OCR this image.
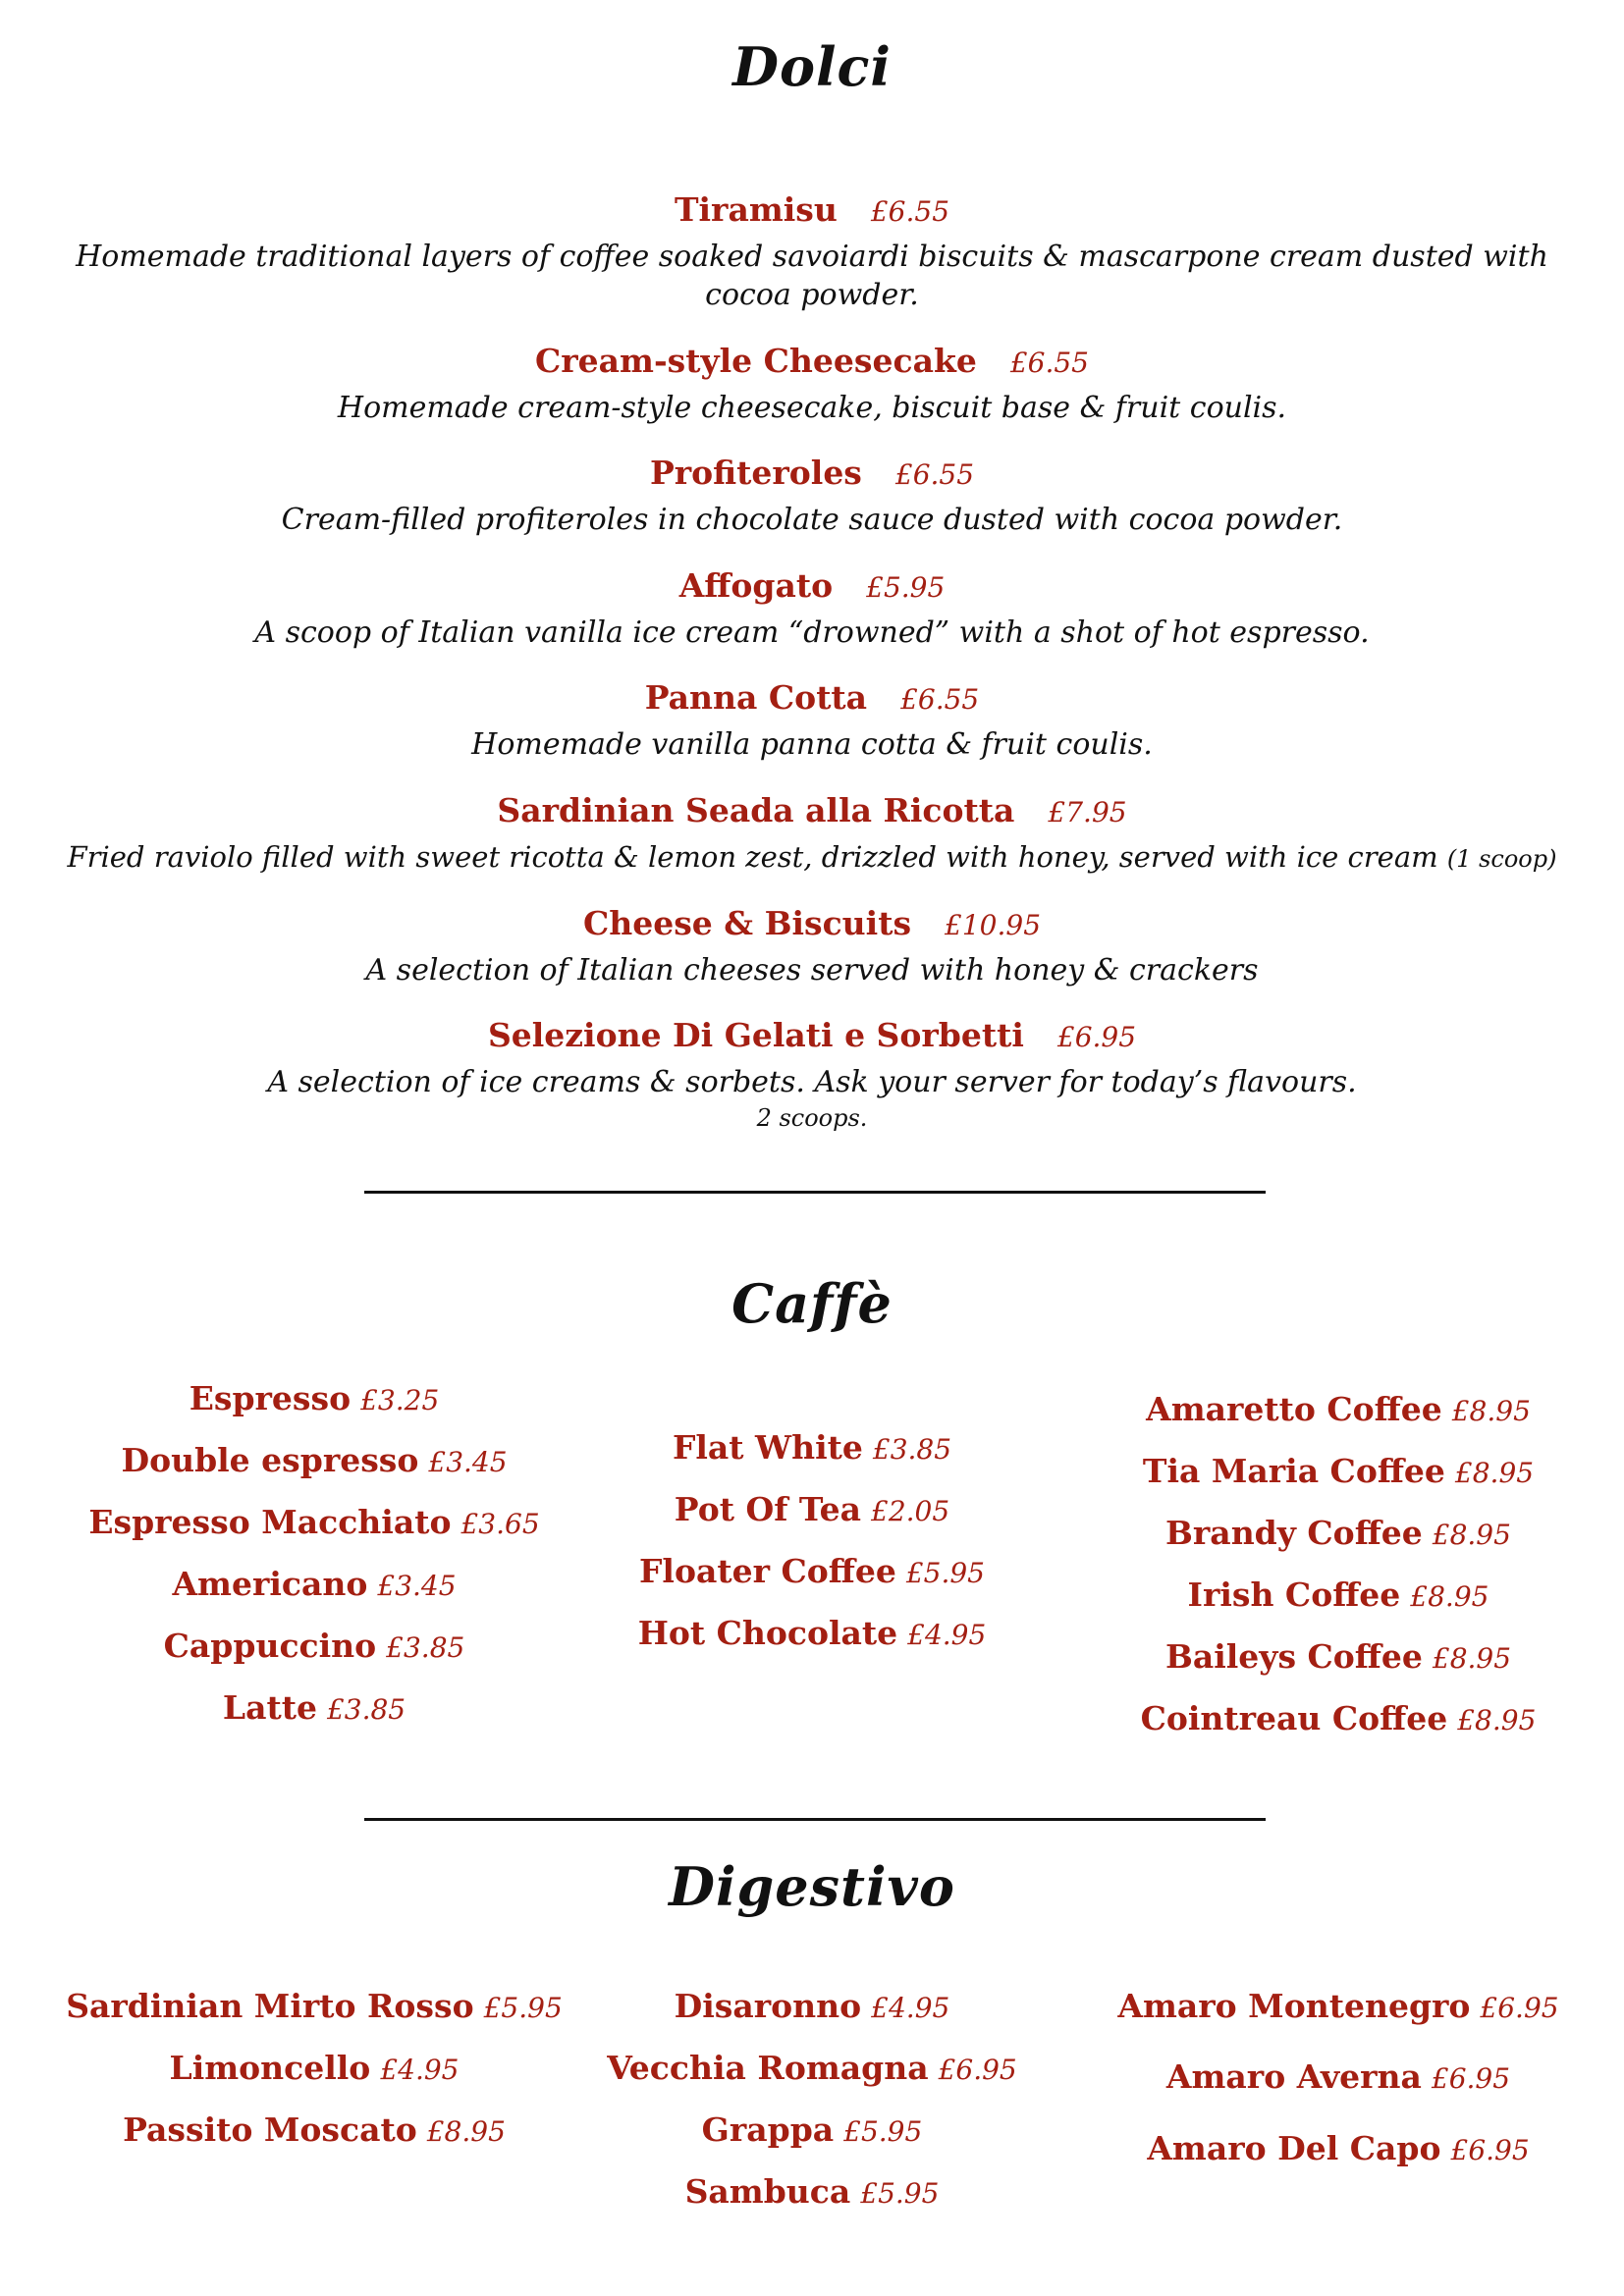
Dolci
Tiramisu £6.55
Homemade traditional layers of coffee soaked savoiardi biscuits & mascarpone cream dusted with
cocoa powder.
Cream-style Cheesecake £6.55
Homemade cream-style cheesecake, biscuit base & fruit coulis.
Profiteroles £6.55
Cream-filled profiteroles in chocolate sauce dusted with cocoa powder.
Affogato £5.95
A scoop of Italian vanilla ice cream “drowned” with a shot of hot espresso.
Panna Cotta £6.55
Homemade vanilla panna cotta & fruit coulis.
Sardinian Seada alla Ricotta £7.95
Fried raviolo filled with sweet ricotta & lemon zest, drizzled with honey, served with ice cream (1 scoop)
Cheese & Biscuits £10.95
A selection of Italian cheeses served with honey & crackers
Selezione Di Gelati e Sorbetti £6.95
A selection of ice creams & sorbets. Ask your server for today’s flavours.
2 scoops.
Caffè
Espresso £3.25
Double espresso £3.45
Espresso Macchiato £3.65
Americano £3.45
Cappuccino £3.85
Latte £3.85
Flat White £3.85
Pot Of Tea £2.05
Floater Coffee £5.95
Hot Chocolate £4.95
Amaretto Coffee £8.95
Tia Maria Coffee £8.95
Brandy Coffee £8.95
Irish Coffee £8.95
Baileys Coffee £8.95
Cointreau Coffee £8.95
Digestivo
Sardinian Mirto Rosso £5.95
Limoncello £4.95
Passito Moscato £8.95
Disaronno £4.95
Vecchia Romagna £6.95
Grappa £5.95
Sambuca £5.95
Amaro Montenegro £6.95
Amaro Averna £6.95
Amaro Del Capo £6.95
